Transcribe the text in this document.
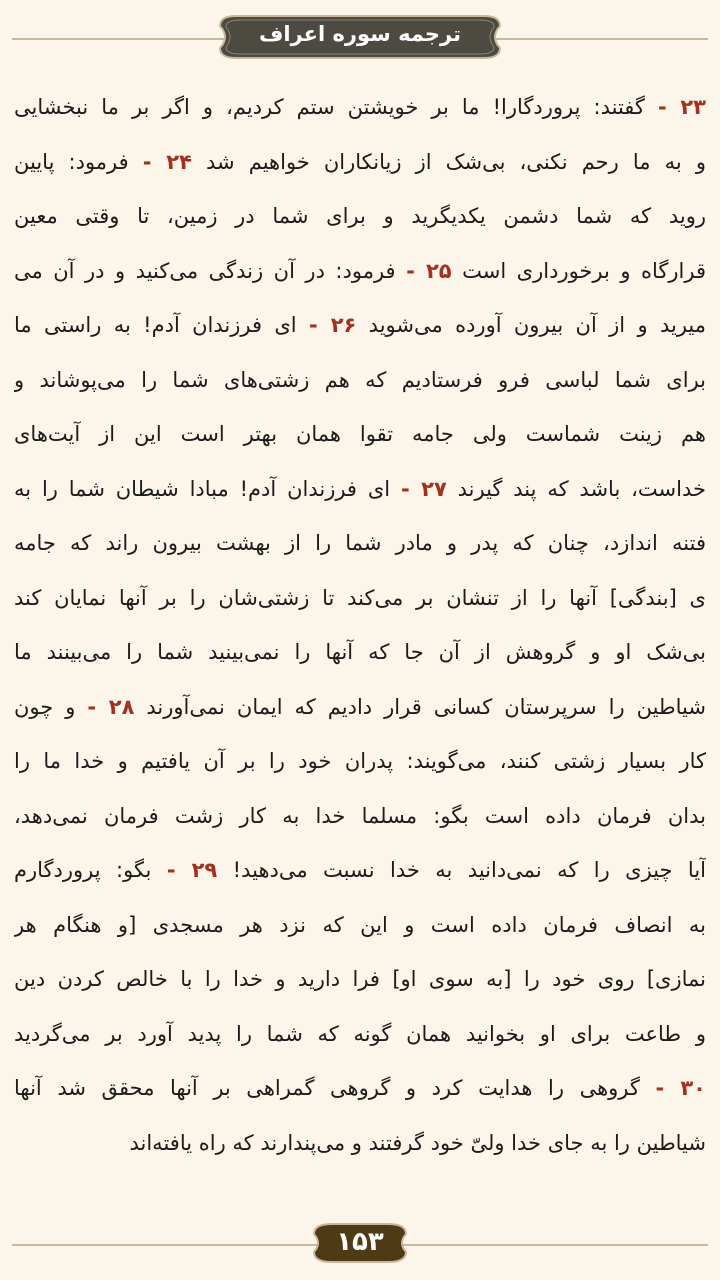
ترجمه سوره اعراف
۲۳ - گفتند: پروردگارا! ما بر خویشتن ستم کردیم، و اگر بر ما نبخشایی
و به ما رحم نکنی، بی‌شک از زیانکاران خواهیم شد ۲۴ - فرمود: پایین
روید که شما دشمن یکدیگرید و برای شما در زمین، تا وقتی معین
قرارگاه و برخورداری است ۲۵ - فرمود: در آن زندگی می‌کنید و در آن می
میرید و از آن بیرون آورده می‌شوید ۲۶ - ای فرزندان آدم! به راستی ما
برای شما لباسی فرو فرستادیم که هم زشتی‌های شما را می‌پوشاند و
هم زینت شماست ولی جامه تقوا همان بهتر است این از آیت‌های
خداست، باشد که پند گیرند ۲۷ - ای فرزندان آدم! مبادا شیطان شما را به
فتنه اندازد، چنان که پدر و مادر شما را از بهشت بیرون راند که جامه
ی [بندگی] آنها را از تنشان بر می‌کند تا زشتی‌شان را بر آنها نمایان کند
بی‌شک او و گروهش از آن جا که آنها را نمی‌بینید شما را می‌بینند ما
شیاطین را سرپرستان کسانی قرار دادیم که ایمان نمی‌آورند ۲۸ - و چون
کار بسیار زشتی کنند، می‌گویند: پدران خود را بر آن یافتیم و خدا ما را
بدان فرمان داده است بگو: مسلما خدا به کار زشت فرمان نمی‌دهد،
آیا چیزی را که نمی‌دانید به خدا نسبت می‌دهید! ۲۹ - بگو: پروردگارم
به انصاف فرمان داده است و این که نزد هر مسجدی [و هنگام هر
نمازی] روی خود را [به سوی او] فرا دارید و خدا را با خالص کردن دین
و طاعت برای او بخوانید همان گونه که شما را پدید آورد بر می‌گردید
۳۰ - گروهی را هدایت کرد و گروهی گمراهی بر آنها محقق شد آنها
شیاطین را به جای خدا ولیّ خود گرفتند و می‌پندارند که راه یافته‌اند
۱۵۳
